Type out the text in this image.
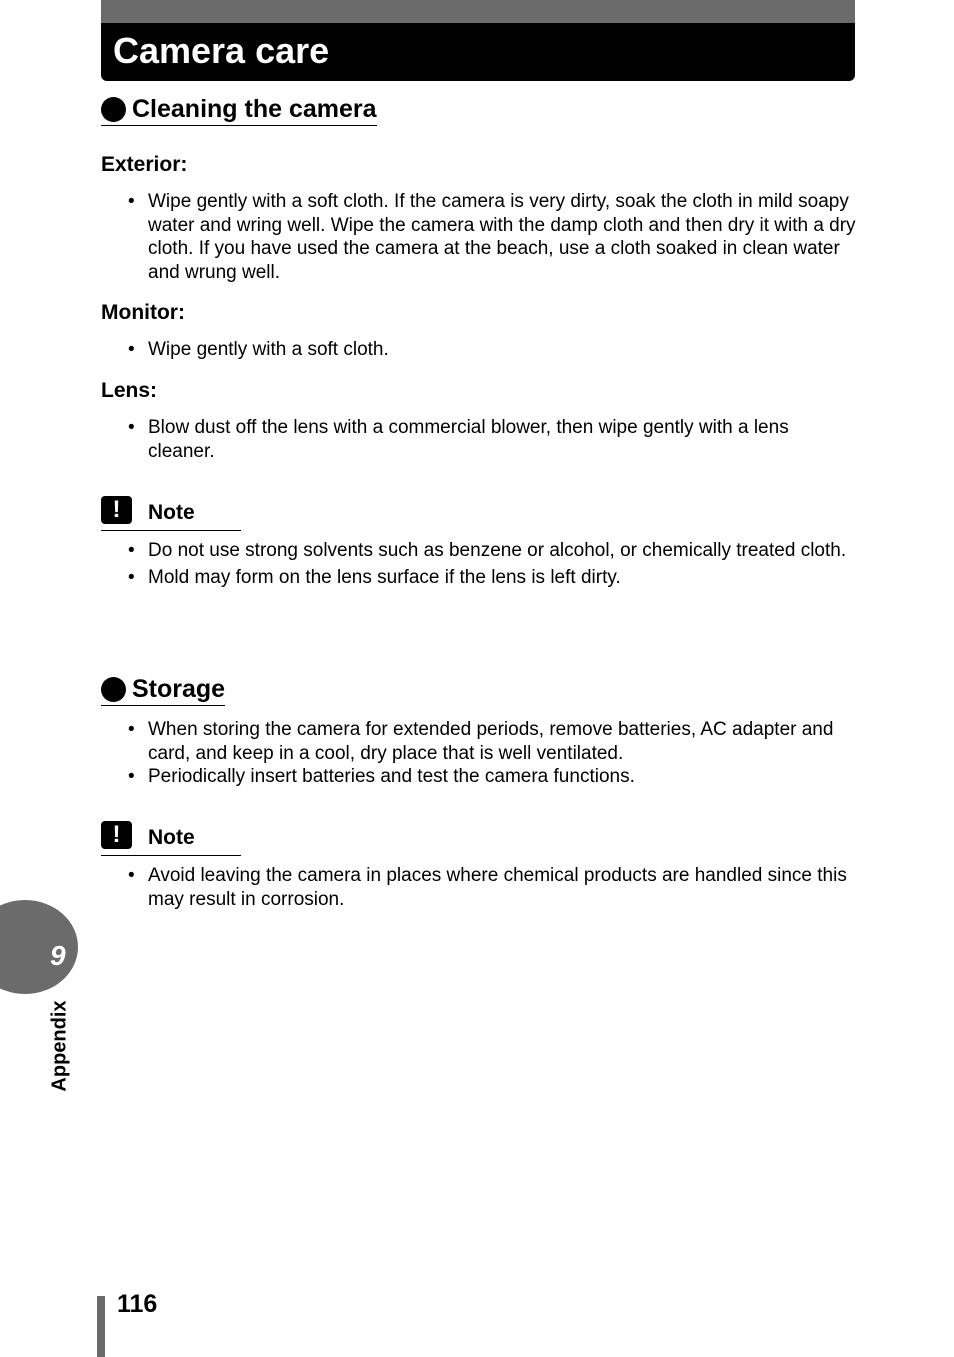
Camera care
Cleaning the camera
Exterior:
• Wipe gently with a soft cloth. If the camera is very dirty, soak the cloth in mild soapy water and wring well. Wipe the camera with the damp cloth and then dry it with a dry cloth. If you have used the camera at the beach, use a cloth soaked in clean water and wrung well.
Monitor:
• Wipe gently with a soft cloth.
Lens:
• Blow dust off the lens with a commercial blower, then wipe gently with a lens cleaner.
!	Note
• Do not use strong solvents such as benzene or alcohol, or chemically treated cloth.
• Mold may form on the lens surface if the lens is left dirty.
Storage
• When storing the camera for extended periods, remove batteries, AC adapter and card, and keep in a cool, dry place that is well ventilated.
• Periodically insert batteries and test the camera functions.
!	Note
• Avoid leaving the camera in places where chemical products are handled since this may result in corrosion.
9
Appendix
116
